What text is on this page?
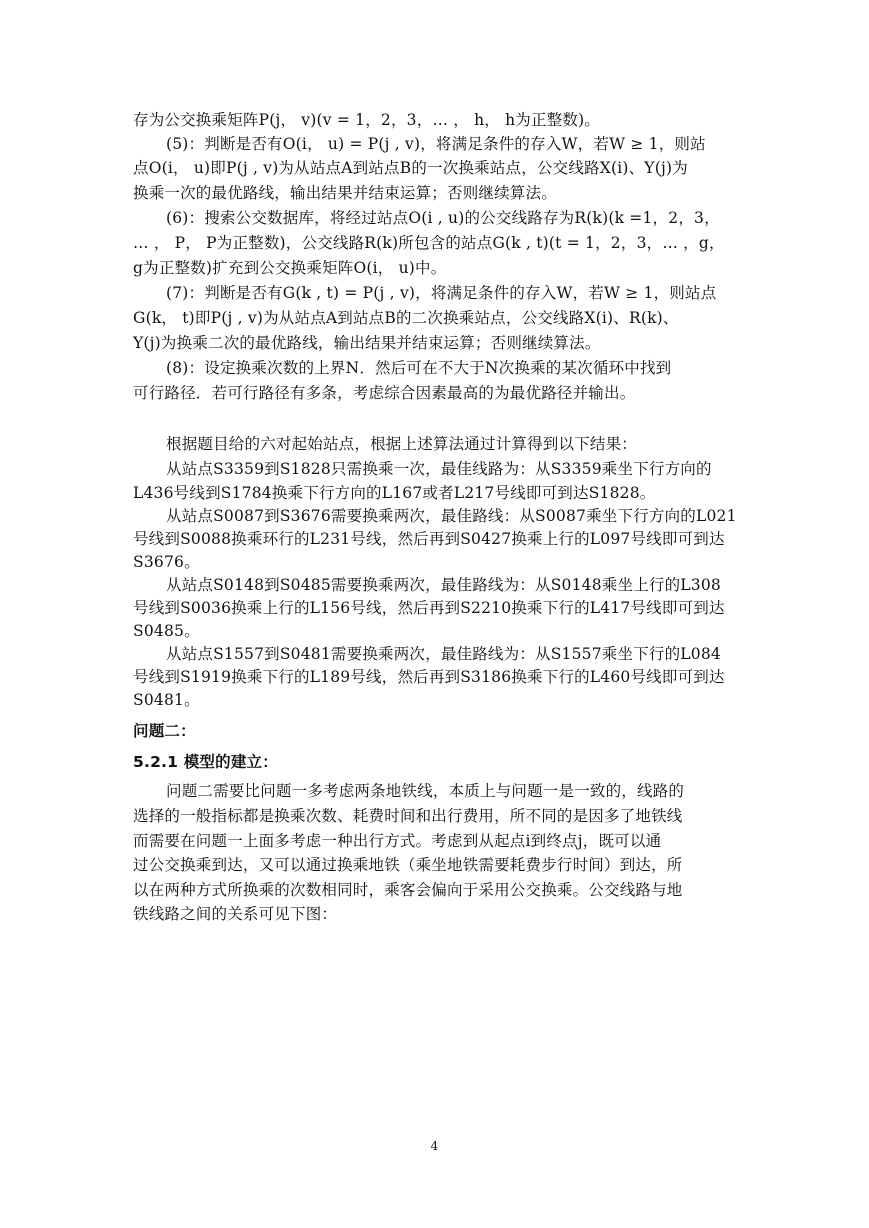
存为公交换乘矩阵P(j， v)(v = 1，2，3，… ， h， h为正整数)。
(5)：判断是否有O(i， u) = P(j , v)，将满足条件的存入W，若W ≥ 1，则站
点O(i， u)即P(j , v)为从站点A到站点B的一次换乘站点，公交线路X(i)、Y(j)为
换乘一次的最优路线，输出结果并结束运算；否则继续算法。
(6)：搜索公交数据库，将经过站点O(i , u)的公交线路存为R(k)(k =1，2，3，
… ， P， P为正整数)，公交线路R(k)所包含的站点G(k , t)(t = 1，2，3，… ，g，
g为正整数)扩充到公交换乘矩阵O(i， u)中。
(7)：判断是否有G(k , t) = P(j , v)，将满足条件的存入W，若W ≥ 1，则站点
G(k， t)即P(j , v)为从站点A到站点B的二次换乘站点，公交线路X(i)、R(k)、
Y(j)为换乘二次的最优路线，输出结果并结束运算；否则继续算法。
(8)：设定换乘次数的上界N．然后可在不大于N次换乘的某次循环中找到
可行路径．若可行路径有多条，考虑综合因素最高的为最优路径并输出。
根据题目给的六对起始站点，根据上述算法通过计算得到以下结果：
从站点S3359到S1828只需换乘一次，最佳线路为：从S3359乘坐下行方向的
L436号线到S1784换乘下行方向的L167或者L217号线即可到达S1828。
从站点S0087到S3676需要换乘两次，最佳路线：从S0087乘坐下行方向的L021
号线到S0088换乘环行的L231号线，然后再到S0427换乘上行的L097号线即可到达
S3676。
从站点S0148到S0485需要换乘两次，最佳路线为：从S0148乘坐上行的L308
号线到S0036换乘上行的L156号线，然后再到S2210换乘下行的L417号线即可到达
S0485。
从站点S1557到S0481需要换乘两次，最佳路线为：从S1557乘坐下行的L084
号线到S1919换乘下行的L189号线，然后再到S3186换乘下行的L460号线即可到达
S0481。
问题二：
5.2.1 模型的建立：
问题二需要比问题一多考虑两条地铁线，本质上与问题一是一致的，线路的
选择的一般指标都是换乘次数、耗费时间和出行费用，所不同的是因多了地铁线
而需要在问题一上面多考虑一种出行方式。考虑到从起点i到终点j，既可以通
过公交换乘到达，又可以通过换乘地铁（乘坐地铁需要耗费步行时间）到达，所
以在两种方式所换乘的次数相同时，乘客会偏向于采用公交换乘。公交线路与地
铁线路之间的关系可见下图：
4
